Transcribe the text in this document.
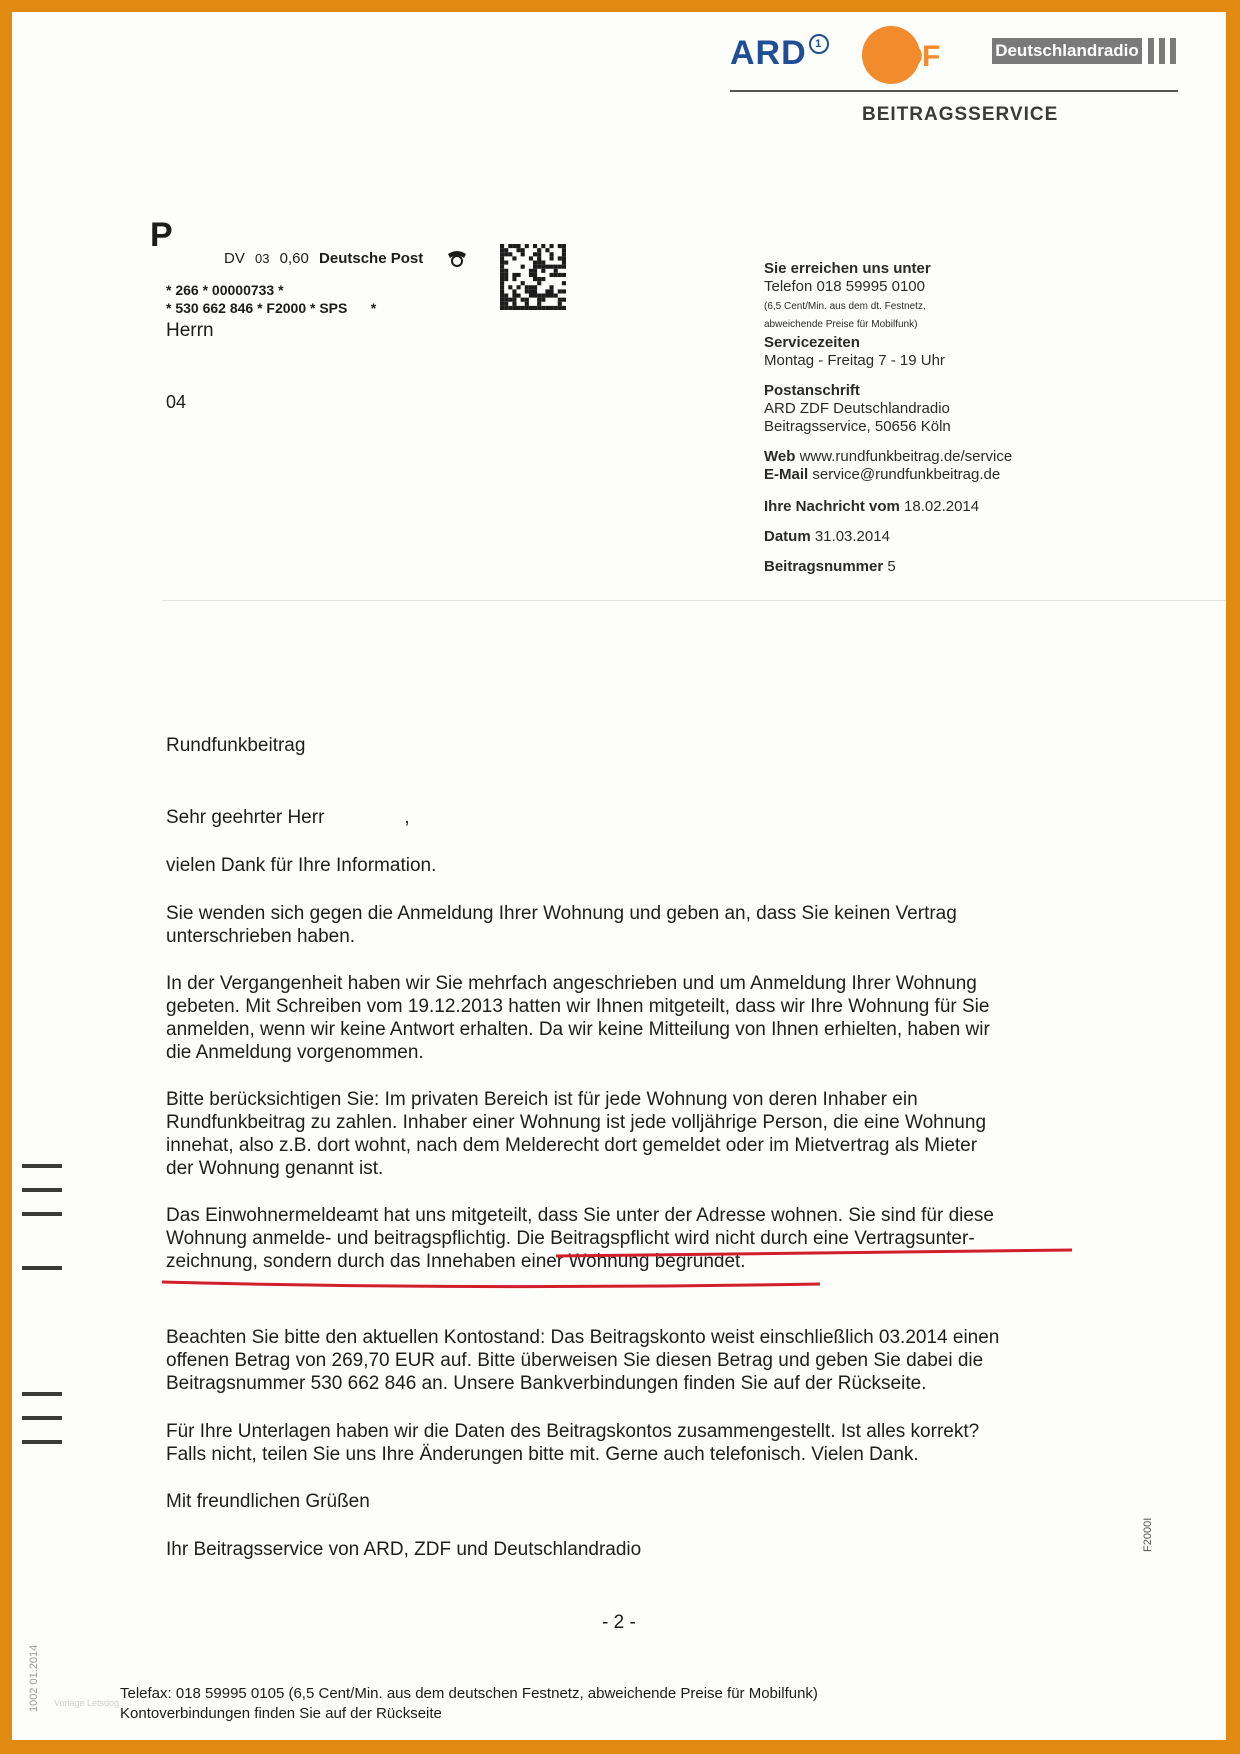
ARD 1 ZDF	Deutschlandradio
BEITRAGSSERVICE
P
DV 03 0,60 Deutsche Post
* 266 * 00000733 *
* 530 662 846 * F2000 * SPS      *
Herrn
04
Sie erreichen uns unter
Telefon 018 59995 0100
(6,5 Cent/Min. aus dem dt. Festnetz,
abweichende Preise für Mobilfunk)
Servicezeiten
Montag - Freitag 7 - 19 Uhr
Postanschrift
ARD ZDF Deutschlandradio
Beitragsservice, 50656 Köln
Web www.rundfunkbeitrag.de/service
E-Mail service@rundfunkbeitrag.de
Ihre Nachricht vom 18.02.2014
Datum 31.03.2014
Beitragsnummer 5
Rundfunkbeitrag
Sehr geehrter Herr	,
vielen Dank für Ihre Information.
Sie wenden sich gegen die Anmeldung Ihrer Wohnung und geben an, dass Sie keinen Vertrag
unterschrieben haben.
In der Vergangenheit haben wir Sie mehrfach angeschrieben und um Anmeldung Ihrer Wohnung
gebeten. Mit Schreiben vom 19.12.2013 hatten wir Ihnen mitgeteilt, dass wir Ihre Wohnung für Sie
anmelden, wenn wir keine Antwort erhalten. Da wir keine Mitteilung von Ihnen erhielten, haben wir
die Anmeldung vorgenommen.
Bitte berücksichtigen Sie: Im privaten Bereich ist für jede Wohnung von deren Inhaber ein
Rundfunkbeitrag zu zahlen. Inhaber einer Wohnung ist jede volljährige Person, die eine Wohnung
innehat, also z.B. dort wohnt, nach dem Melderecht dort gemeldet oder im Mietvertrag als Mieter
der Wohnung genannt ist.
Das Einwohnermeldeamt hat uns mitgeteilt, dass Sie unter der Adresse wohnen. Sie sind für diese
Wohnung anmelde- und beitragspflichtig. Die Beitragspflicht wird nicht durch eine Vertragsunter-
zeichnung, sondern durch das Innehaben einer Wohnung begründet.
Beachten Sie bitte den aktuellen Kontostand: Das Beitragskonto weist einschließlich 03.2014 einen
offenen Betrag von 269,70 EUR auf. Bitte überweisen Sie diesen Betrag und geben Sie dabei die
Beitragsnummer 530 662 846 an. Unsere Bankverbindungen finden Sie auf der Rückseite.
Für Ihre Unterlagen haben wir die Daten des Beitragskontos zusammengestellt. Ist alles korrekt?
Falls nicht, teilen Sie uns Ihre Änderungen bitte mit. Gerne auch telefonisch. Vielen Dank.
Mit freundlichen Grüßen
Ihr Beitragsservice von ARD, ZDF und Deutschlandradio	F2000I
1002 01.2014
- 2 -
Telefax: 018 59995 0105 (6,5 Cent/Min. aus dem deutschen Festnetz, abweichende Preise für Mobilfunk)
Kontoverbindungen finden Sie auf der Rückseite
Vorlage Letsdog
